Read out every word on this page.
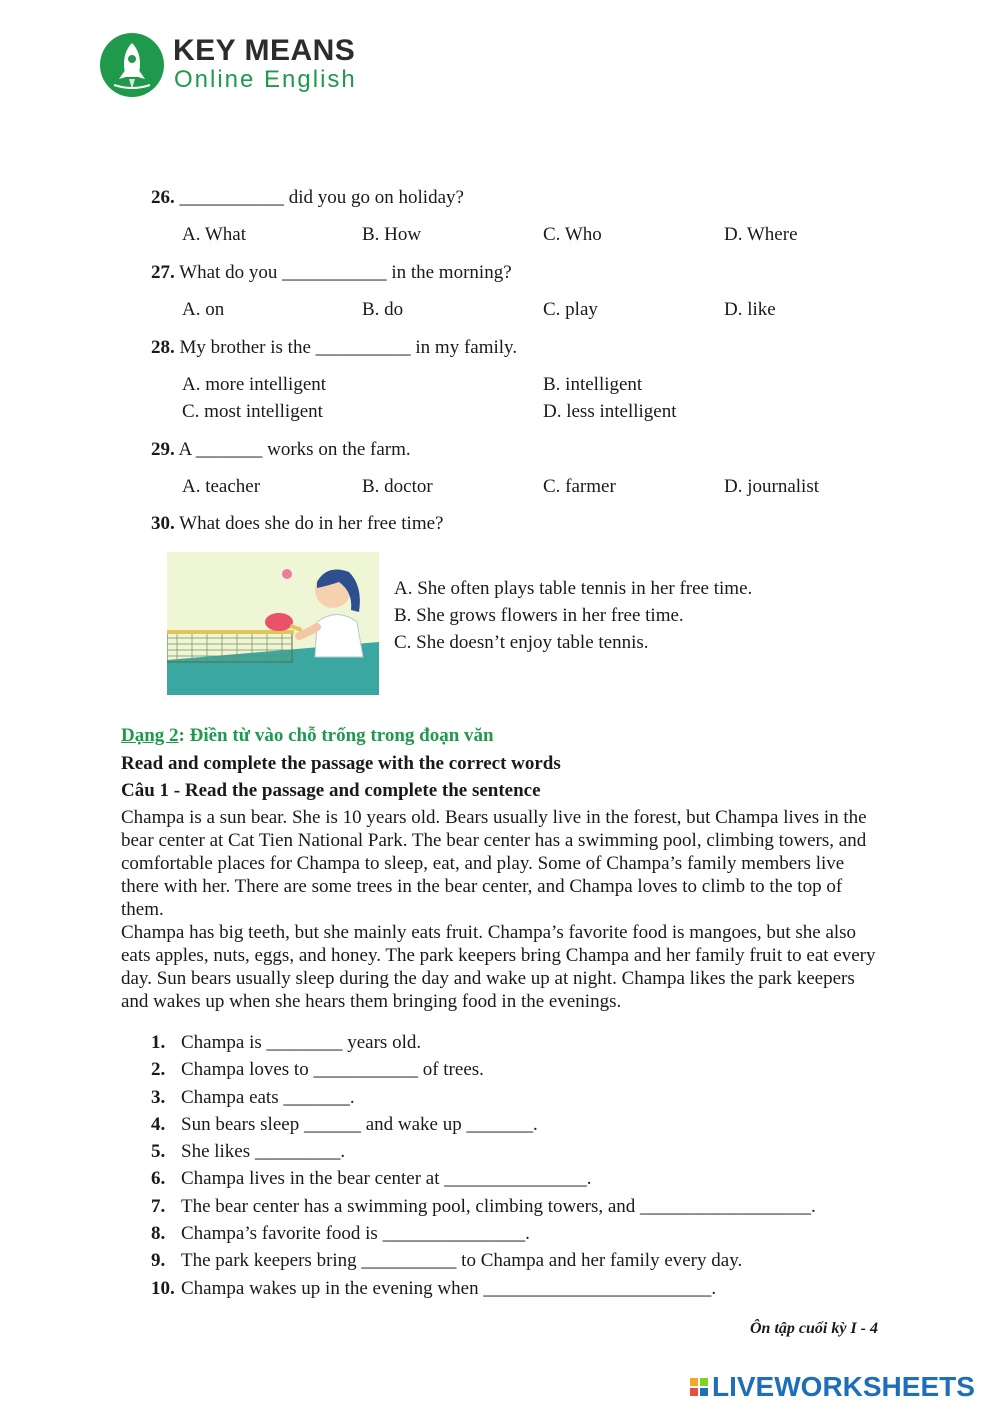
KEY MEANS
Online English
26. ___________ did you go on holiday?
A. What	B. How	C. Who	D. Where
27. What do you ___________ in the morning?
A. on	B. do	C. play	D. like
28. My brother is the __________ in my family.
A. more intelligent	B. intelligent
C. most intelligent	D. less intelligent
29. A _______ works on the farm.
A. teacher	B. doctor	C. farmer	D. journalist
30. What does she do in her free time?
A. She often plays table tennis in her free time.
B. She grows flowers in her free time.
C. She doesn’t enjoy table tennis.
Dạng 2: Điền từ vào chỗ trống trong đoạn văn
Read and complete the passage with the correct words
Câu 1 - Read the passage and complete the sentence

Champa is a sun bear. She is 10 years old. Bears usually live in the forest, but Champa lives in the bear center at Cat Tien National Park. The bear center has a swimming pool, climbing towers, and comfortable places for Champa to sleep, eat, and play. Some of Champa’s family members live there with her. There are some trees in the bear center, and Champa loves to climb to the top of them.

Champa has big teeth, but she mainly eats fruit. Champa’s favorite food is mangoes, but she also eats apples, nuts, eggs, and honey. The park keepers bring Champa and her family fruit to eat every day. Sun bears usually sleep during the day and wake up at night. Champa likes the park keepers and wakes up when she hears them bringing food in the evenings.

1. Champa is ________ years old.
2. Champa loves to ___________ of trees.
3. Champa eats _______.
4. Sun bears sleep ______ and wake up _______.
5. She likes _________.
6. Champa lives in the bear center at _______________.
7. The bear center has a swimming pool, climbing towers, and __________________.
8. Champa’s favorite food is _______________.
9. The park keepers bring __________ to Champa and her family every day.
10. Champa wakes up in the evening when ________________________.
Ôn tập cuối kỳ I - 4
LIVEWORKSHEETS
